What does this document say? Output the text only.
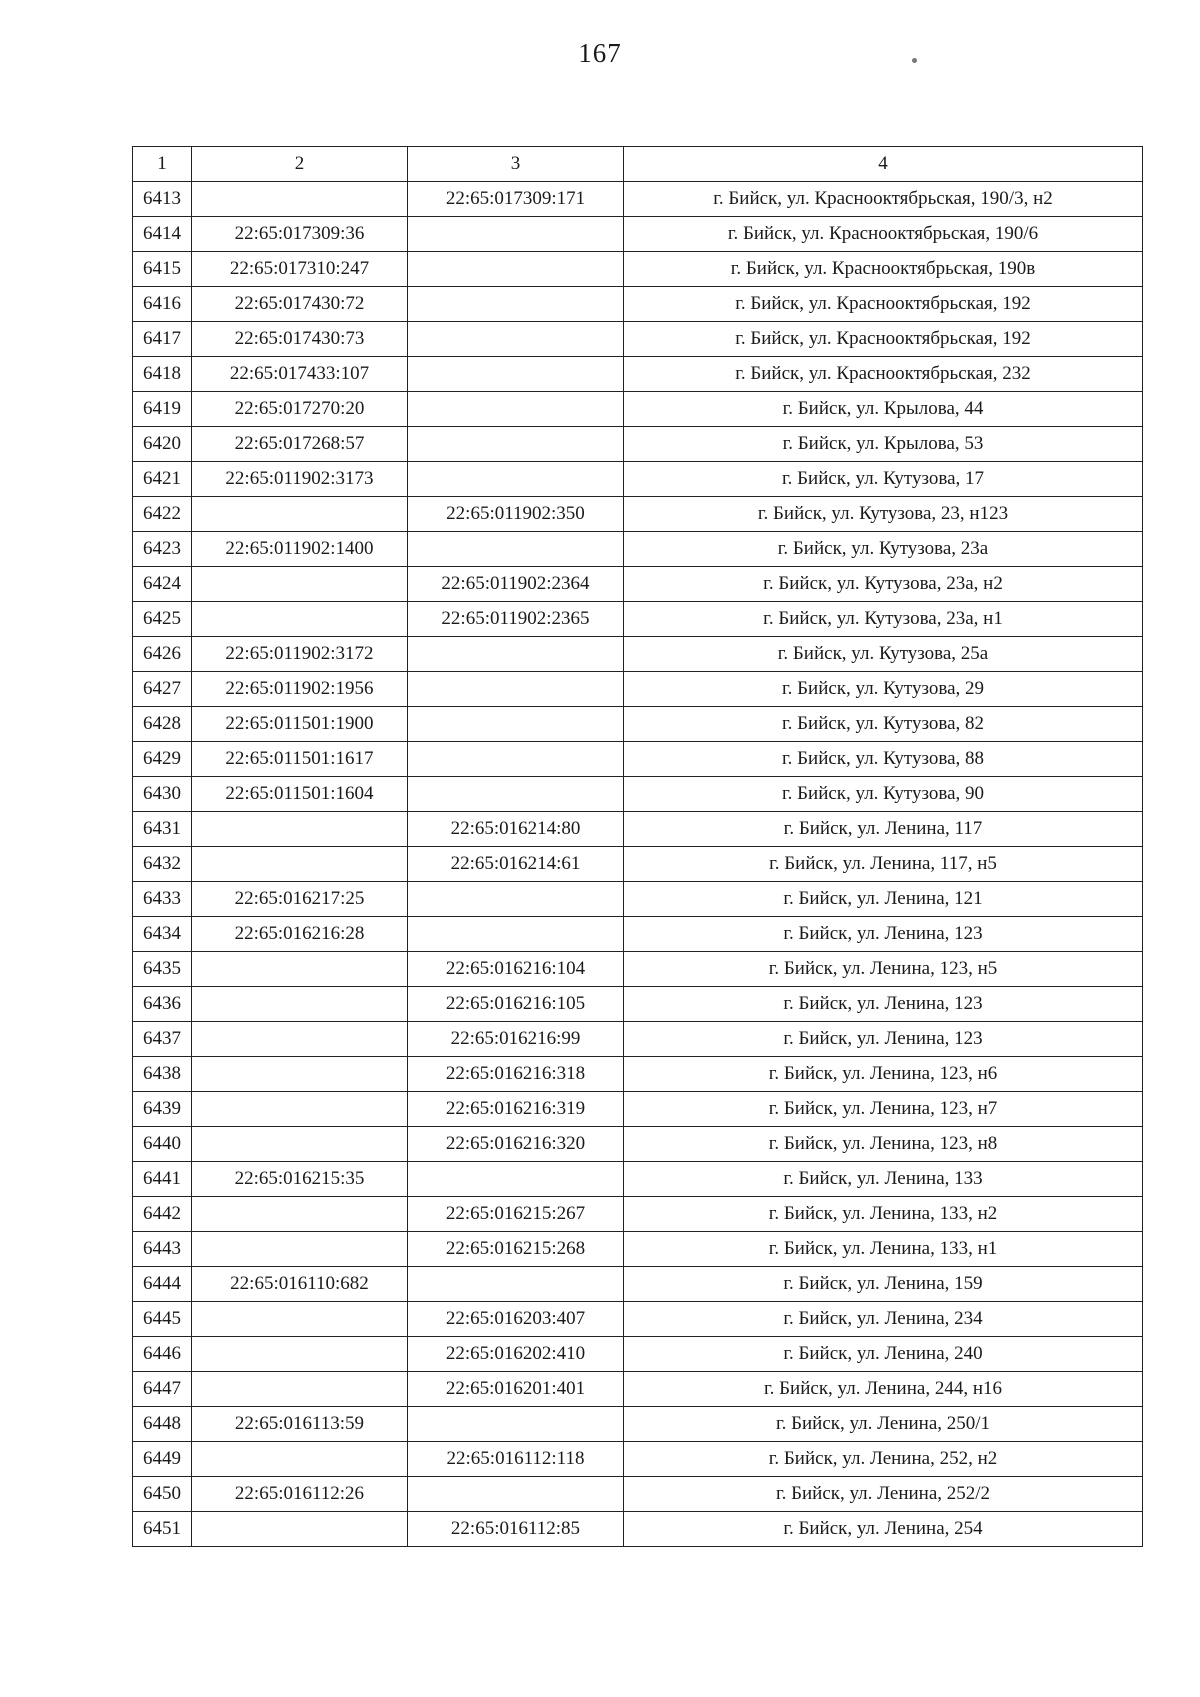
167
1	2	3	4
6413		22:65:017309:171	г. Бийск, ул. Краснооктябрьская, 190/3, н2
6414	22:65:017309:36		г. Бийск, ул. Краснооктябрьская, 190/6
6415	22:65:017310:247		г. Бийск, ул. Краснооктябрьская, 190в
6416	22:65:017430:72		г. Бийск, ул. Краснооктябрьская, 192
6417	22:65:017430:73		г. Бийск, ул. Краснооктябрьская, 192
6418	22:65:017433:107		г. Бийск, ул. Краснооктябрьская, 232
6419	22:65:017270:20		г. Бийск, ул. Крылова, 44
6420	22:65:017268:57		г. Бийск, ул. Крылова, 53
6421	22:65:011902:3173		г. Бийск, ул. Кутузова, 17
6422		22:65:011902:350	г. Бийск, ул. Кутузова, 23, н123
6423	22:65:011902:1400		г. Бийск, ул. Кутузова, 23а
6424		22:65:011902:2364	г. Бийск, ул. Кутузова, 23а, н2
6425		22:65:011902:2365	г. Бийск, ул. Кутузова, 23а, н1
6426	22:65:011902:3172		г. Бийск, ул. Кутузова, 25а
6427	22:65:011902:1956		г. Бийск, ул. Кутузова, 29
6428	22:65:011501:1900		г. Бийск, ул. Кутузова, 82
6429	22:65:011501:1617		г. Бийск, ул. Кутузова, 88
6430	22:65:011501:1604		г. Бийск, ул. Кутузова, 90
6431		22:65:016214:80	г. Бийск, ул. Ленина, 117
6432		22:65:016214:61	г. Бийск, ул. Ленина, 117, н5
6433	22:65:016217:25		г. Бийск, ул. Ленина, 121
6434	22:65:016216:28		г. Бийск, ул. Ленина, 123
6435		22:65:016216:104	г. Бийск, ул. Ленина, 123, н5
6436		22:65:016216:105	г. Бийск, ул. Ленина, 123
6437		22:65:016216:99	г. Бийск, ул. Ленина, 123
6438		22:65:016216:318	г. Бийск, ул. Ленина, 123, н6
6439		22:65:016216:319	г. Бийск, ул. Ленина, 123, н7
6440		22:65:016216:320	г. Бийск, ул. Ленина, 123, н8
6441	22:65:016215:35		г. Бийск, ул. Ленина, 133
6442		22:65:016215:267	г. Бийск, ул. Ленина, 133, н2
6443		22:65:016215:268	г. Бийск, ул. Ленина, 133, н1
6444	22:65:016110:682		г. Бийск, ул. Ленина, 159
6445		22:65:016203:407	г. Бийск, ул. Ленина, 234
6446		22:65:016202:410	г. Бийск, ул. Ленина, 240
6447		22:65:016201:401	г. Бийск, ул. Ленина, 244, н16
6448	22:65:016113:59		г. Бийск, ул. Ленина, 250/1
6449		22:65:016112:118	г. Бийск, ул. Ленина, 252, н2
6450	22:65:016112:26		г. Бийск, ул. Ленина, 252/2
6451		22:65:016112:85	г. Бийск, ул. Ленина, 254
